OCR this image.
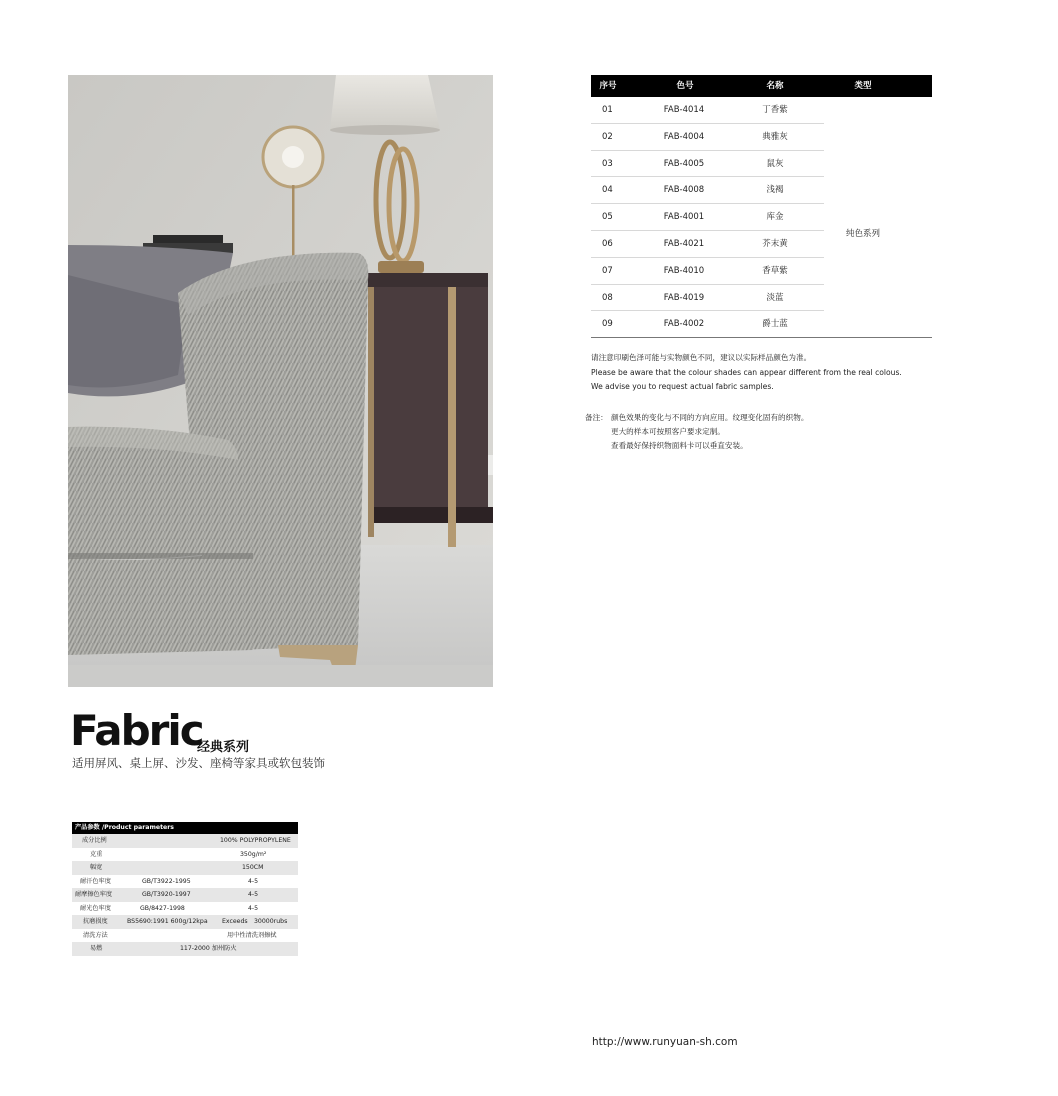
Fabric
经典系列
适用屏风、桌上屏、沙发、座椅等家具或软包装饰
产品参数 /Product parameters
成分比例	100% POLYPROPYLENE
克重	350g/m²
幅宽	150CM
耐汗色牢度	GB/T3922-1995	4-5
耐摩擦色牢度	GB/T3920-1997	4-5
耐光色牢度	GB/8427-1998	4-5
抗磨损度	BS5690:1991 600g/12kpa Exceeds 30000rubs
清洗方法	用中性清洗剂擦拭
易燃	117-2000 加州防火
序号	色号	名称	类型
01	FAB-4014	丁香紫
02	FAB-4004	典雅灰
03	FAB-4005	鼠灰
04	FAB-4008	浅褐
05	FAB-4001	库金
06	FAB-4021	芥末黄
07	FAB-4010	香草紫
08	FAB-4019	淡蓝
09	FAB-4002	爵士蓝
纯色系列
请注意印刷色泽可能与实物颜色不同，建议以实际样品颜色为准。
Please be aware that the colour shades can appear different from the real colous.
We advise you to request actual fabric samples.
备注： 颜色效果的变化与不同的方向应用。纹理变化固有的织物。
更大的样本可按照客户要求定制。
查看最好保持织物面料卡可以垂直安装。
http://www.runyuan-sh.com
